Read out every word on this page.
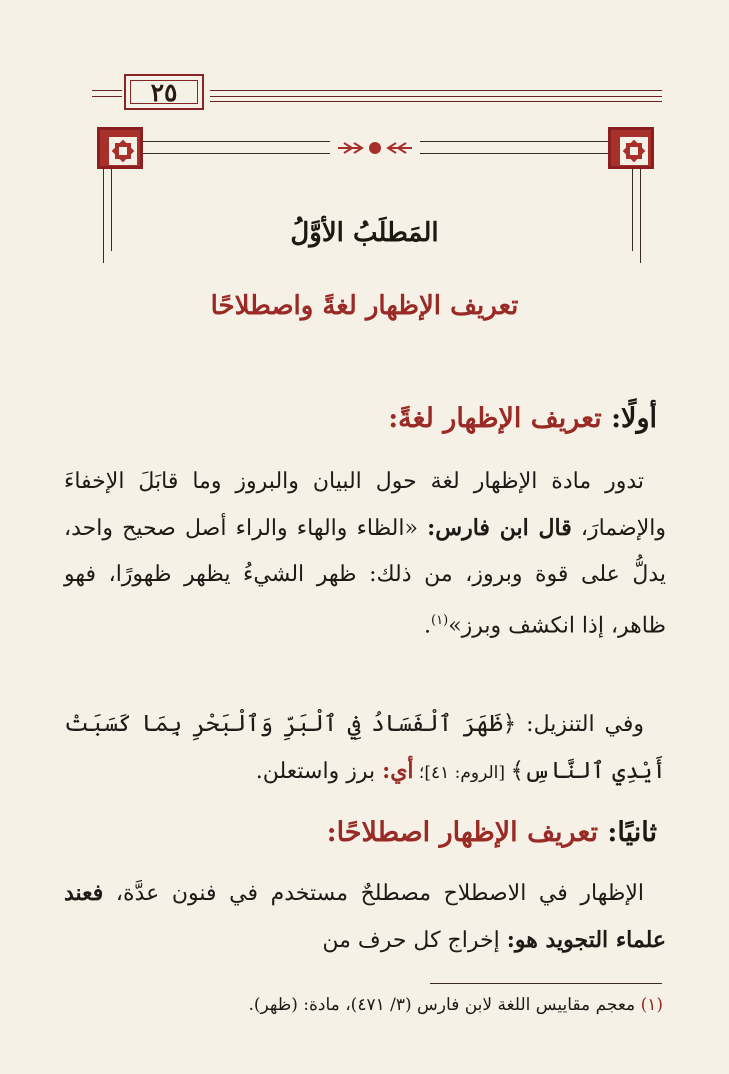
٢٥
المَطلَبُ الأوَّلُ
تعريف الإظهار لغةً واصطلاحًا
أولًا: تعريف الإظهار لغةً:
تدور مادة الإظهار لغة حول البيان والبروز وما قابَلَ الإخفاءَ والإضمارَ، قال ابن فارس: «الظاء والهاء والراء أصل صحيح واحد، يدلُّ على قوة وبروز، من ذلك: ظهر الشيءُ يظهر ظهورًا، فهو ظاهر، إذا انكشف وبرز»$^{(١)}$.
وفي التنزيل: ﴿ظَهَرَ ٱلْفَسَادُ فِي ٱلْبَرِّ وَٱلْبَحْرِ بِمَا كَسَبَتْ أَيْدِي ٱلنَّاسِ﴾ [الروم: ٤١]؛ أي: برز واستعلن.
ثانيًا: تعريف الإظهار اصطلاحًا:
الإظهار في الاصطلاح مصطلحٌ مستخدم في فنون عدَّة، فعند علماء التجويد هو: إخراج كل حرف من
(١) معجم مقاييس اللغة لابن فارس (٣/ ٤٧١)، مادة: (ظهر).
